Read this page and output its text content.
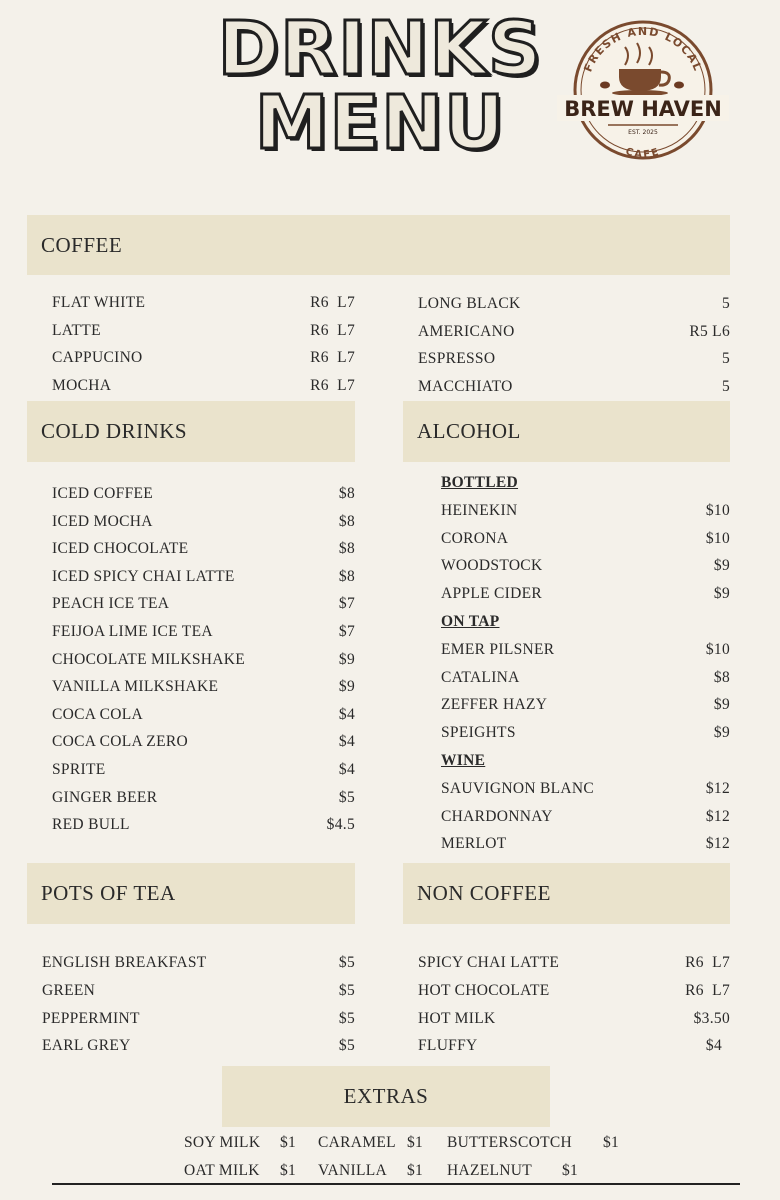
DRINKS
MENU
FRESH AND LOCAL
BREW HAVEN
EST. 2025
CAFE
COFFEE
FLAT WHITE	R6  L7
LATTE	R6  L7
CAPPUCINO	R6  L7
MOCHA	R6  L7
LONG BLACK	5
AMERICANO	R5 L6
ESPRESSO	5
MACCHIATO	5
COLD DRINKS
ICED COFFEE	$8
ICED MOCHA	$8
ICED CHOCOLATE	$8
ICED SPICY CHAI LATTE	$8
PEACH ICE TEA	$7
FEIJOA LIME ICE TEA	$7
CHOCOLATE MILKSHAKE	$9
VANILLA MILKSHAKE	$9
COCA COLA	$4
COCA COLA ZERO	$4
SPRITE	$4
GINGER BEER	$5
RED BULL	$4.5
ALCOHOL
BOTTLED
HEINEKIN	$10
CORONA	$10
WOODSTOCK	$9
APPLE CIDER	$9
ON TAP
EMER PILSNER	$10
CATALINA	$8
ZEFFER HAZY	$9
SPEIGHTS	$9
WINE
SAUVIGNON BLANC	$12
CHARDONNAY	$12
MERLOT	$12
POTS OF TEA
ENGLISH BREAKFAST	$5
GREEN	$5
PEPPERMINT	$5
EARL GREY	$5
NON COFFEE
SPICY CHAI LATTE	R6  L7
HOT CHOCOLATE	R6  L7
HOT MILK	$3.50
FLUFFY	$4
EXTRAS
SOY MILK $1 CARAMEL $1 BUTTERSCOTCH $1
OAT MILK $1 VANILLA $1 HAZELNUT $1
